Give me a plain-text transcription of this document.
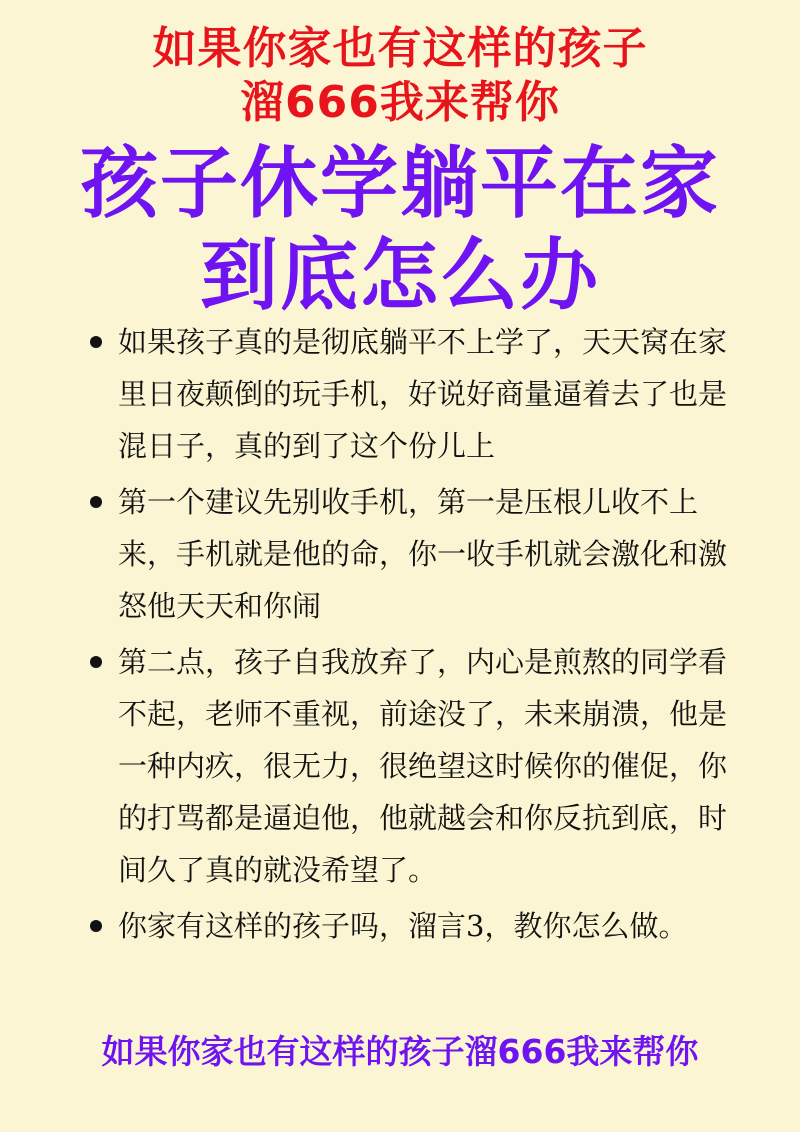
如果你家也有这样的孩子
溜666我来帮你
孩子休学躺平在家
到底怎么办
如果孩子真的是彻底躺平不上学了，天天窝在家里日夜颠倒的玩手机，好说好商量逼着去了也是混日子，真的到了这个份儿上
第一个建议先别收手机，第一是压根儿收不上来，手机就是他的命，你一收手机就会激化和激怒他天天和你闹
第二点，孩子自我放弃了，内心是煎熬的同学看不起，老师不重视，前途没了，未来崩溃，他是一种内疚，很无力，很绝望这时候你的催促，你的打骂都是逼迫他，他就越会和你反抗到底，时间久了真的就没希望了。
你家有这样的孩子吗，溜言3，教你怎么做。
如果你家也有这样的孩子溜666我来帮你
